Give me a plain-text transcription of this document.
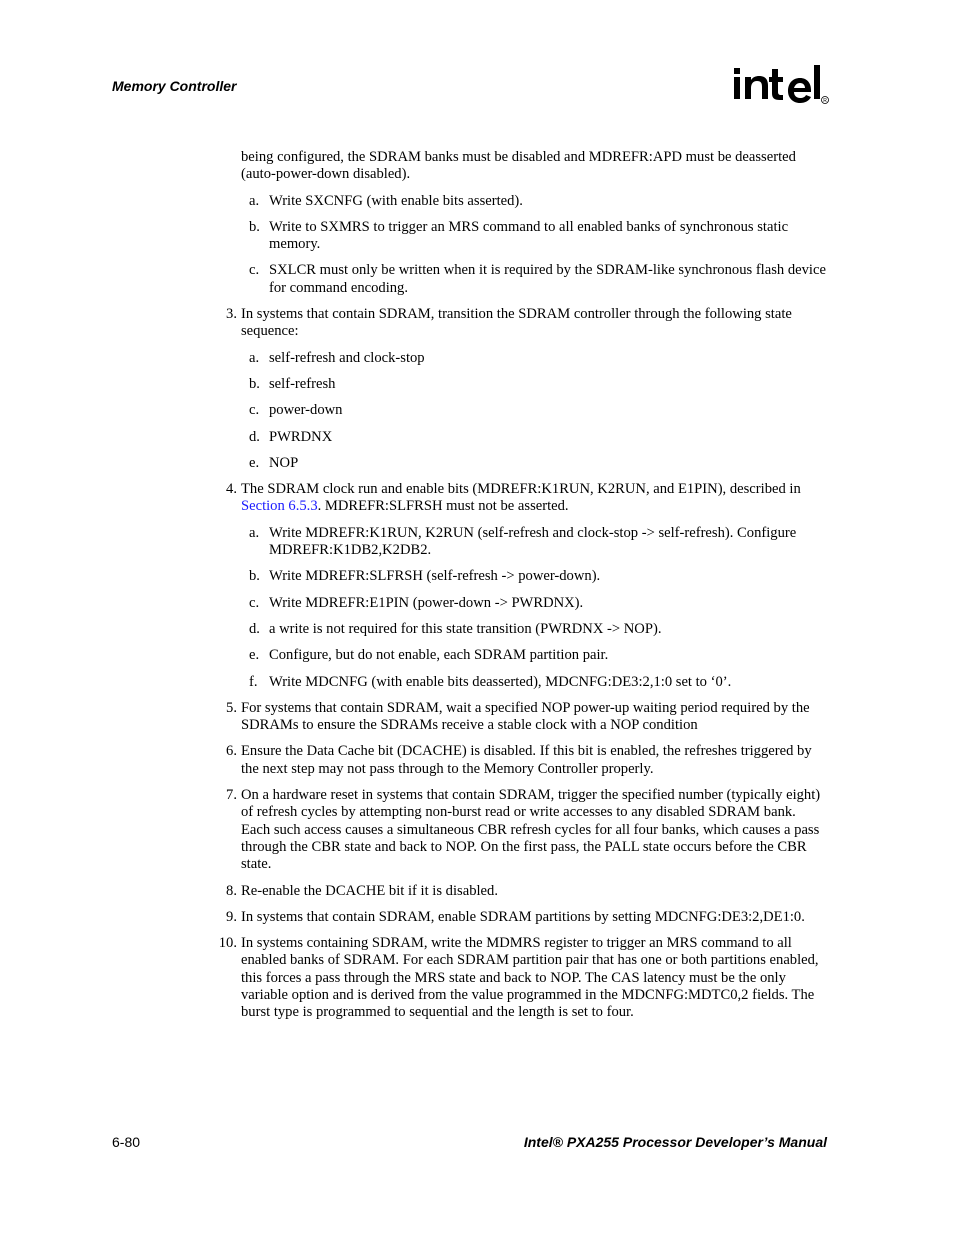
Memory Controller
R

being configured, the SDRAM banks must be disabled and MDREFR:APD must be deasserted (auto-power-down disabled).

a. Write SXCNFG (with enable bits asserted).
b. Write to SXMRS to trigger an MRS command to all enabled banks of synchronous static memory.
c. SXLCR must only be written when it is required by the SDRAM-like synchronous flash device for command encoding.
3. In systems that contain SDRAM, transition the SDRAM controller through the following state sequence:
a. self-refresh and clock-stop
b. self-refresh
c. power-down
d. PWRDNX
e. NOP
4. The SDRAM clock run and enable bits (MDREFR:K1RUN, K2RUN, and E1PIN), described in Section 6.5.3. MDREFR:SLFRSH must not be asserted.
a. Write MDREFR:K1RUN, K2RUN (self-refresh and clock-stop -> self-refresh). Configure MDREFR:K1DB2,K2DB2.
b. Write MDREFR:SLFRSH (self-refresh -> power-down).
c. Write MDREFR:E1PIN (power-down -> PWRDNX).
d. a write is not required for this state transition (PWRDNX -> NOP).
e. Configure, but do not enable, each SDRAM partition pair.
f. Write MDCNFG (with enable bits deasserted), MDCNFG:DE3:2,1:0 set to ‘0’.
5. For systems that contain SDRAM, wait a specified NOP power-up waiting period required by the SDRAMs to ensure the SDRAMs receive a stable clock with a NOP condition
6. Ensure the Data Cache bit (DCACHE) is disabled. If this bit is enabled, the refreshes triggered by the next step may not pass through to the Memory Controller properly.
7. On a hardware reset in systems that contain SDRAM, trigger the specified number (typically eight) of refresh cycles by attempting non-burst read or write accesses to any disabled SDRAM bank. Each such access causes a simultaneous CBR refresh cycles for all four banks, which causes a pass through the CBR state and back to NOP. On the first pass, the PALL state occurs before the CBR state.
8. Re-enable the DCACHE bit if it is disabled.
9. In systems that contain SDRAM, enable SDRAM partitions by setting MDCNFG:DE3:2,DE1:0.
10. In systems containing SDRAM, write the MDMRS register to trigger an MRS command to all enabled banks of SDRAM. For each SDRAM partition pair that has one or both partitions enabled, this forces a pass through the MRS state and back to NOP. The CAS latency must be the only variable option and is derived from the value programmed in the MDCNFG:MDTC0,2 fields. The burst type is programmed to sequential and the length is set to four.
6-80	Intel® PXA255 Processor Developer’s Manual
